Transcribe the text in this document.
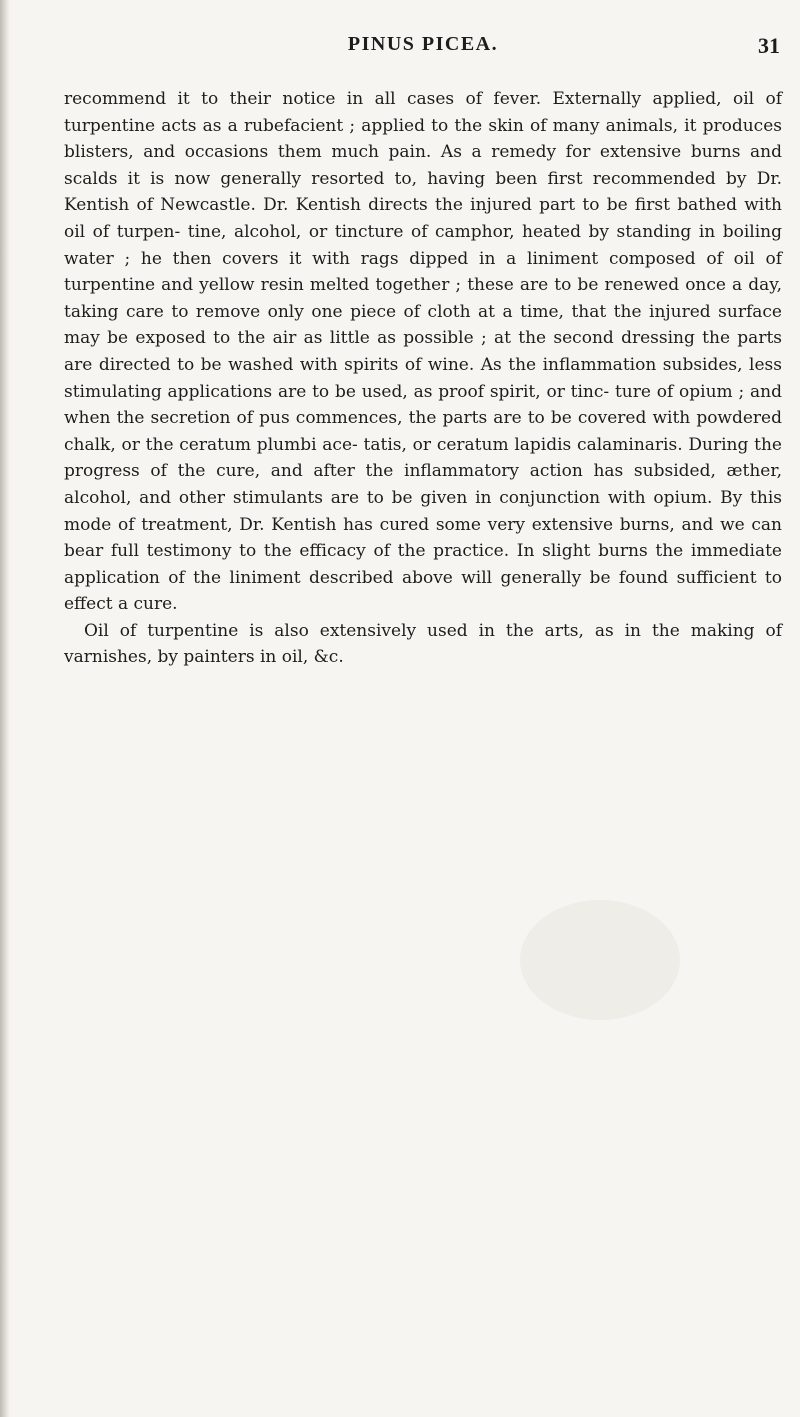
PINUS PICEA.	31

recommend it to their notice in all cases of fever. Externally applied, oil of turpentine acts as a rubefacient ; applied to the skin of many animals, it produces blisters, and occasions them much pain. As a remedy for extensive burns and scalds it is now generally resorted to, having been first recommended by Dr. Kentish of Newcastle. Dr. Kentish directs the injured part to be first bathed with oil of turpen- tine, alcohol, or tincture of camphor, heated by standing in boiling water ; he then covers it with rags dipped in a liniment composed of oil of turpentine and yellow resin melted together ; these are to be renewed once a day, taking care to remove only one piece of cloth at a time, that the injured surface may be exposed to the air as little as possible ; at the second dressing the parts are directed to be washed with spirits of wine. As the inflammation subsides, less stimulating applications are to be used, as proof spirit, or tinc- ture of opium ; and when the secretion of pus commences, the parts are to be covered with powdered chalk, or the ceratum plumbi ace- tatis, or ceratum lapidis calaminaris. During the progress of the cure, and after the inflammatory action has subsided, æther, alcohol, and other stimulants are to be given in conjunction with opium. By this mode of treatment, Dr. Kentish has cured some very extensive burns, and we can bear full testimony to the efficacy of the practice. In slight burns the immediate application of the liniment described above will generally be found sufficient to effect a cure.

Oil of turpentine is also extensively used in the arts, as in the making of varnishes, by painters in oil, &c.
